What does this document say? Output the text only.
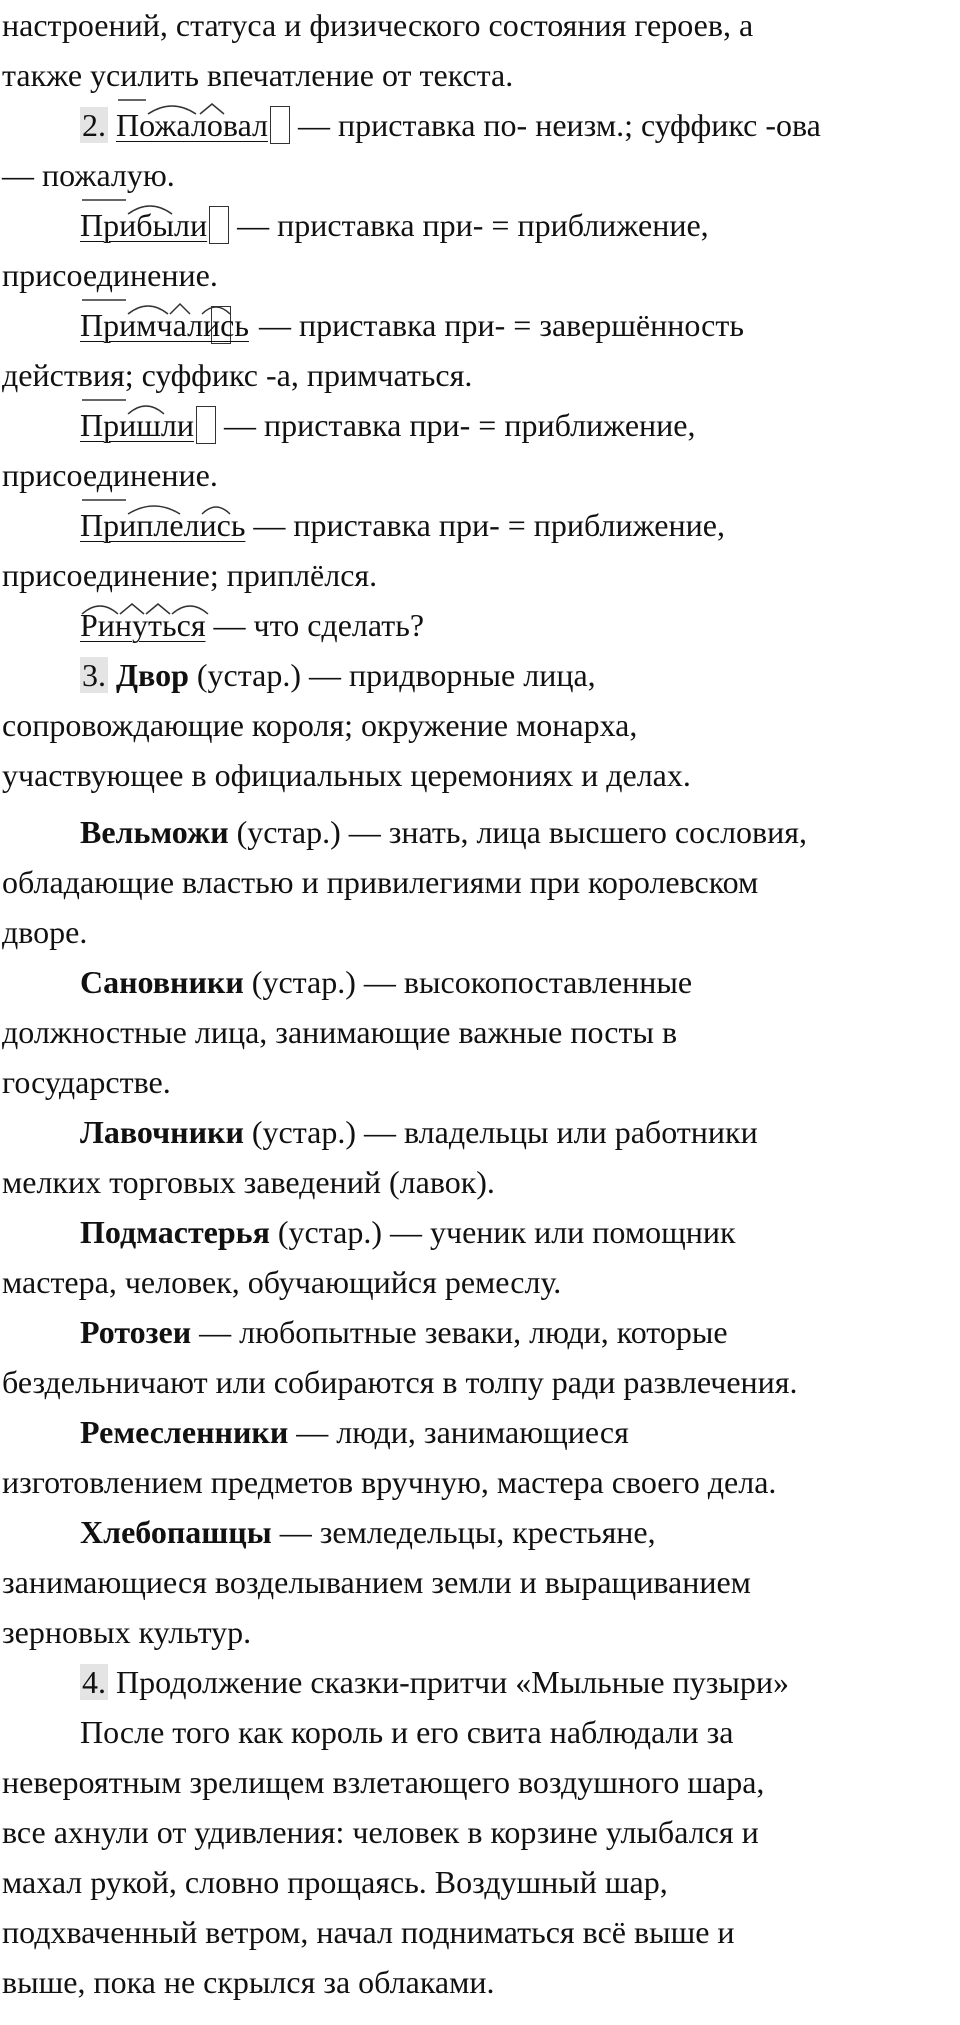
настроений, статуса и физического состояния героев, а

также усилить впечатление от текста.

2. Пожаловал
— приставка по- неизм.; суффикс -ова

— пожалую.

Прибыли
— приставка при- = приближение,

присоединение.

Примчались
— приставка при- = завершённость

действия; суффикс -а, примчаться.

Пришли
— приставка при- = приближение,

присоединение.

Приплелись
— приставка при- = приближение,

присоединение; приплёлся.

Ринуться
— что сделать?

3. Двор (устар.) — придворные лица,

сопровождающие короля; окружение монарха,

участвующее в официальных церемониях и делах.

Вельможи (устар.) — знать, лица высшего сословия,

обладающие властью и привилегиями при королевском

дворе.

Сановники (устар.) — высокопоставленные

должностные лица, занимающие важные посты в

государстве.

Лавочники (устар.) — владельцы или работники

мелких торговых заведений (лавок).

Подмастерья (устар.) — ученик или помощник

мастера, человек, обучающийся ремеслу.

Ротозеи — любопытные зеваки, люди, которые

бездельничают или собираются в толпу ради развлечения.

Ремесленники — люди, занимающиеся

изготовлением предметов вручную, мастера своего дела.

Хлебопашцы — земледельцы, крестьяне,

занимающиеся возделыванием земли и выращиванием

зерновых культур.

4. Продолжение сказки-притчи «Мыльные пузыри»

После того как король и его свита наблюдали за

невероятным зрелищем взлетающего воздушного шара,

все ахнули от удивления: человек в корзине улыбался и

махал рукой, словно прощаясь. Воздушный шар,

подхваченный ветром, начал подниматься всё выше и

выше, пока не скрылся за облаками.
